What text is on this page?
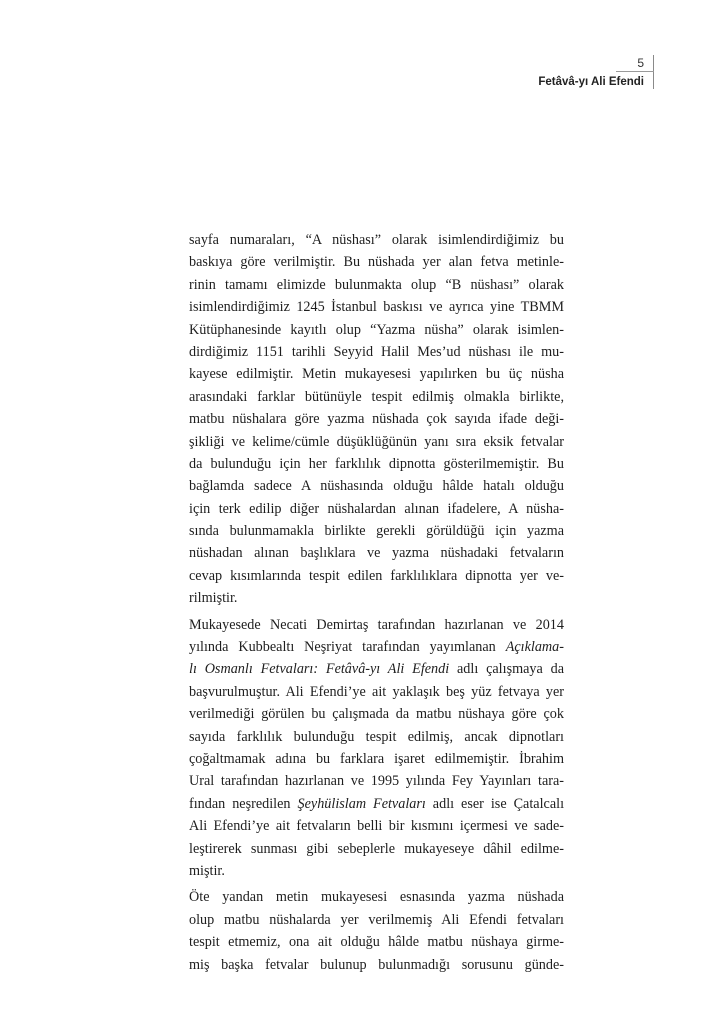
5
Fetâvâ-yı Ali Efendi

sayfa numaraları, “A nüshası” olarak isimlendirdiğimiz bu
baskıya göre verilmiştir. Bu nüshada yer alan fetva metinle-
rinin tamamı elimizde bulunmakta olup “B nüshası” olarak
isimlendirdiğimiz 1245 İstanbul baskısı ve ayrıca yine TBMM
Kütüphanesinde kayıtlı olup “Yazma nüsha” olarak isimlen-
dirdiğimiz 1151 tarihli Seyyid Halil Mes’ud nüshası ile mu-
kayese edilmiştir. Metin mukayesesi yapılırken bu üç nüsha
arasındaki farklar bütünüyle tespit edilmiş olmakla birlikte,
matbu nüshalara göre yazma nüshada çok sayıda ifade deği-
şikliği ve kelime/cümle düşüklüğünün yanı sıra eksik fetvalar
da bulunduğu için her farklılık dipnotta gösterilmemiştir. Bu
bağlamda sadece A nüshasında olduğu hâlde hatalı olduğu
için terk edilip diğer nüshalardan alınan ifadelere, A nüsha-
sında bulunmamakla birlikte gerekli görüldüğü için yazma
nüshadan alınan başlıklara ve yazma nüshadaki fetvaların
cevap kısımlarında tespit edilen farklılıklara dipnotta yer ve-
rilmiştir.

Mukayesede Necati Demirtaş tarafından hazırlanan ve 2014
yılında Kubbealtı Neşriyat tarafından yayımlanan Açıklama-
lı Osmanlı Fetvaları: Fetâvâ-yı Ali Efendi adlı çalışmaya da
başvurulmuştur. Ali Efendi’ye ait yaklaşık beş yüz fetvaya yer
verilmediği görülen bu çalışmada da matbu nüshaya göre çok
sayıda farklılık bulunduğu tespit edilmiş, ancak dipnotları
çoğaltmamak adına bu farklara işaret edilmemiştir. İbrahim
Ural tarafından hazırlanan ve 1995 yılında Fey Yayınları tara-
fından neşredilen Şeyhülislam Fetvaları adlı eser ise Çatalcalı
Ali Efendi’ye ait fetvaların belli bir kısmını içermesi ve sade-
leştirerek sunması gibi sebeplerle mukayeseye dâhil edilme-
miştir.

Öte yandan metin mukayesesi esnasında yazma nüshada
olup matbu nüshalarda yer verilmemiş Ali Efendi fetvaları
tespit etmemiz, ona ait olduğu hâlde matbu nüshaya girme-
miş başka fetvalar bulunup bulunmadığı sorusunu günde-
